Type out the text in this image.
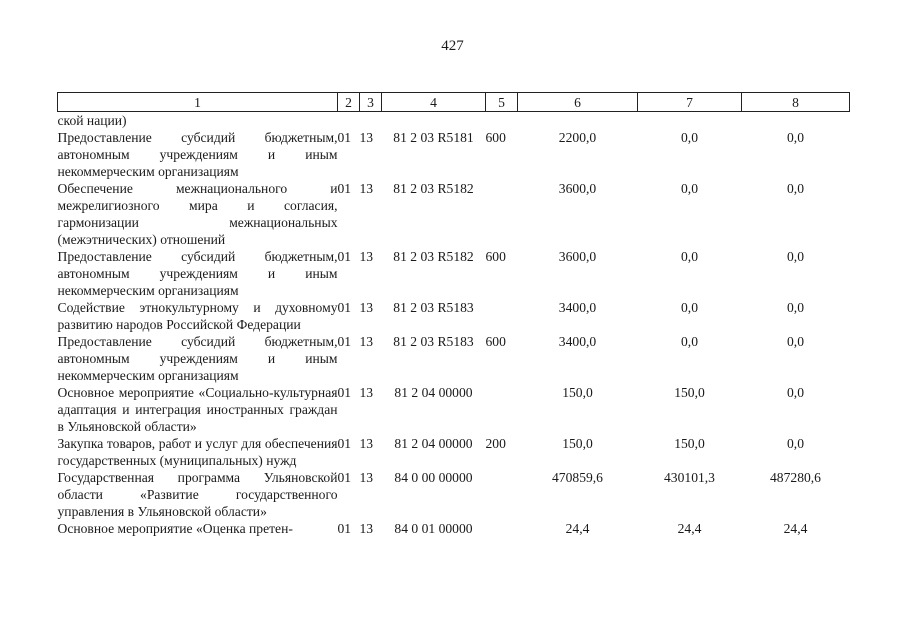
427
1	2	3	4	5	6	7	8
ской нации)							
Предоставление субсидий бюджетным, автономным учреждениям и иным некоммерческим организациям	01	13	81 2 03 R5181	600	2200,0	0,0	0,0
Обеспечение межнационального и межрелигиозного мира и согласия, гармонизации межнациональных (межэтнических) отношений	01	13	81 2 03 R5182		3600,0	0,0	0,0
Предоставление субсидий бюджетным, автономным учреждениям и иным некоммерческим организациям	01	13	81 2 03 R5182	600	3600,0	0,0	0,0
Содействие этнокультурному и духовному развитию народов Российской Федерации	01	13	81 2 03 R5183		3400,0	0,0	0,0
Предоставление субсидий бюджетным, автономным учреждениям и иным некоммерческим организациям	01	13	81 2 03 R5183	600	3400,0	0,0	0,0
Основное мероприятие «Социально-культурная адаптация и интеграция иностранных граждан в Ульяновской области»	01	13	81 2 04 00000		150,0	150,0	0,0
Закупка товаров, работ и услуг для обеспечения государственных (муниципальных) нужд	01	13	81 2 04 00000	200	150,0	150,0	0,0
Государственная программа Ульяновской области «Развитие государственного управления в Ульяновской области»	01	13	84 0 00 00000		470859,6	430101,3	487280,6
Основное мероприятие «Оценка претен-	01	13	84 0 01 00000		24,4	24,4	24,4
